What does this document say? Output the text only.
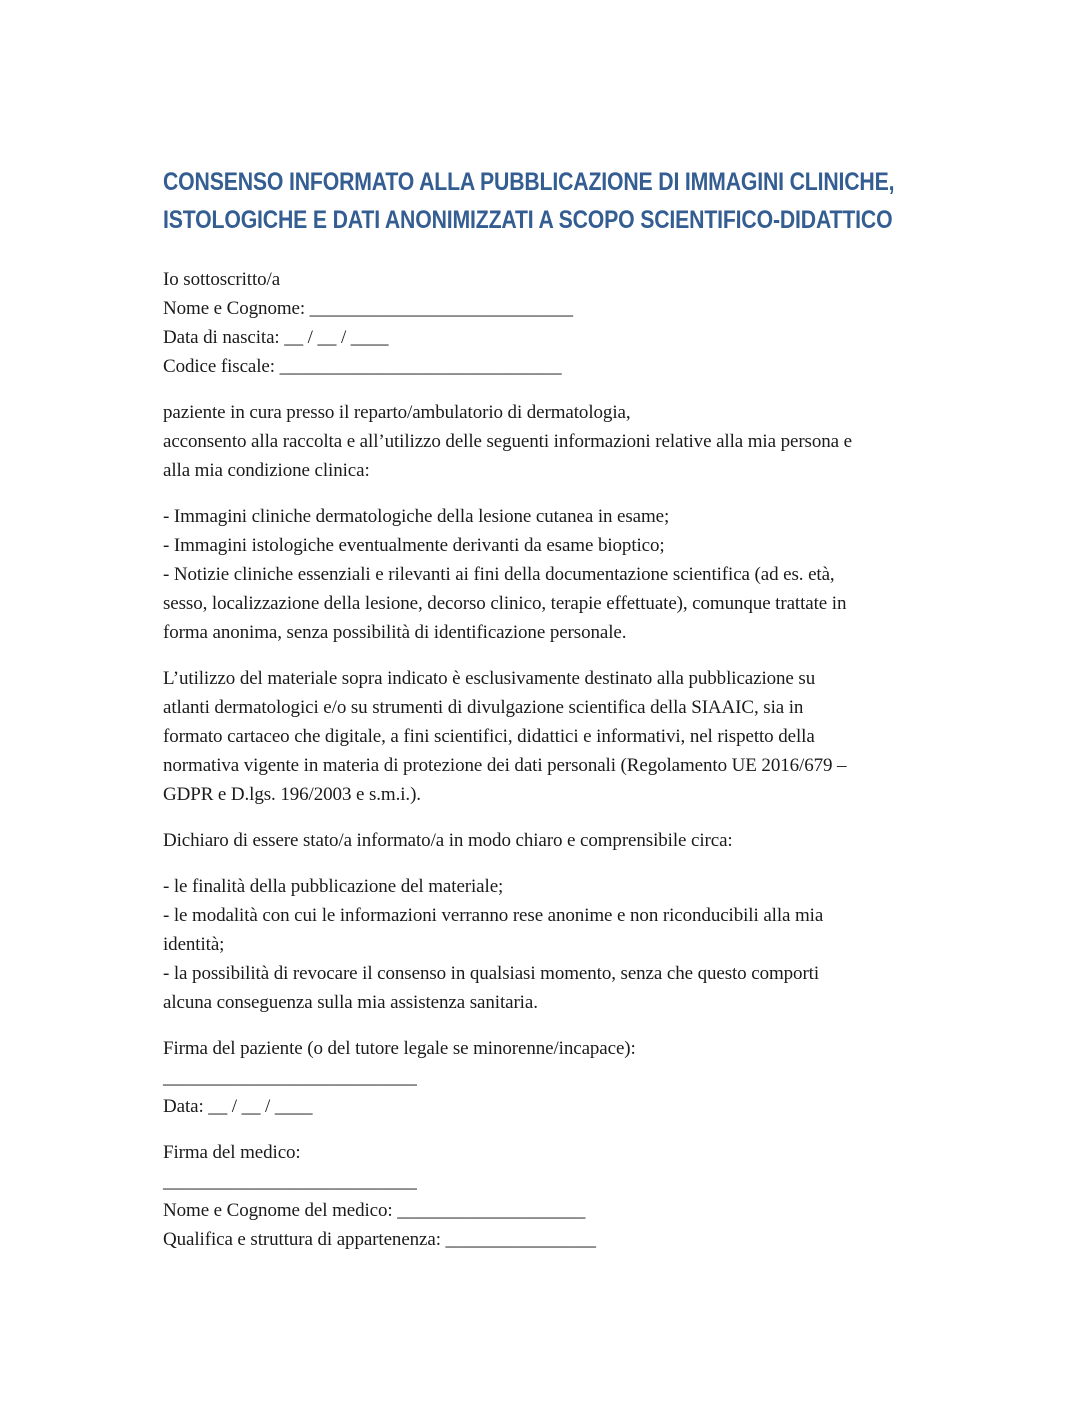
CONSENSO INFORMATO ALLA PUBBLICAZIONE DI IMMAGINI CLINICHE,
ISTOLOGICHE E DATI ANONIMIZZATI A SCOPO SCIENTIFICO-DIDATTICO
Io sottoscritto/a
Nome e Cognome: ____________________________
Data di nascita: __ / __ / ____
Codice fiscale: ______________________________
paziente in cura presso il reparto/ambulatorio di dermatologia,
acconsento alla raccolta e all’utilizzo delle seguenti informazioni relative alla mia persona e
alla mia condizione clinica:
- Immagini cliniche dermatologiche della lesione cutanea in esame;
- Immagini istologiche eventualmente derivanti da esame bioptico;
- Notizie cliniche essenziali e rilevanti ai fini della documentazione scientifica (ad es. età,
sesso, localizzazione della lesione, decorso clinico, terapie effettuate), comunque trattate in
forma anonima, senza possibilità di identificazione personale.
L’utilizzo del materiale sopra indicato è esclusivamente destinato alla pubblicazione su
atlanti dermatologici e/o su strumenti di divulgazione scientifica della SIAAIC, sia in
formato cartaceo che digitale, a fini scientifici, didattici e informativi, nel rispetto della
normativa vigente in materia di protezione dei dati personali (Regolamento UE 2016/679 –
GDPR e D.lgs. 196/2003 e s.m.i.).
Dichiaro di essere stato/a informato/a in modo chiaro e comprensibile circa:
- le finalità della pubblicazione del materiale;
- le modalità con cui le informazioni verranno rese anonime e non riconducibili alla mia
identità;
- la possibilità di revocare il consenso in qualsiasi momento, senza che questo comporti
alcuna conseguenza sulla mia assistenza sanitaria.
Firma del paziente (o del tutore legale se minorenne/incapace):
___________________________
Data: __ / __ / ____
Firma del medico:
___________________________
Nome e Cognome del medico: ____________________
Qualifica e struttura di appartenenza: ________________
